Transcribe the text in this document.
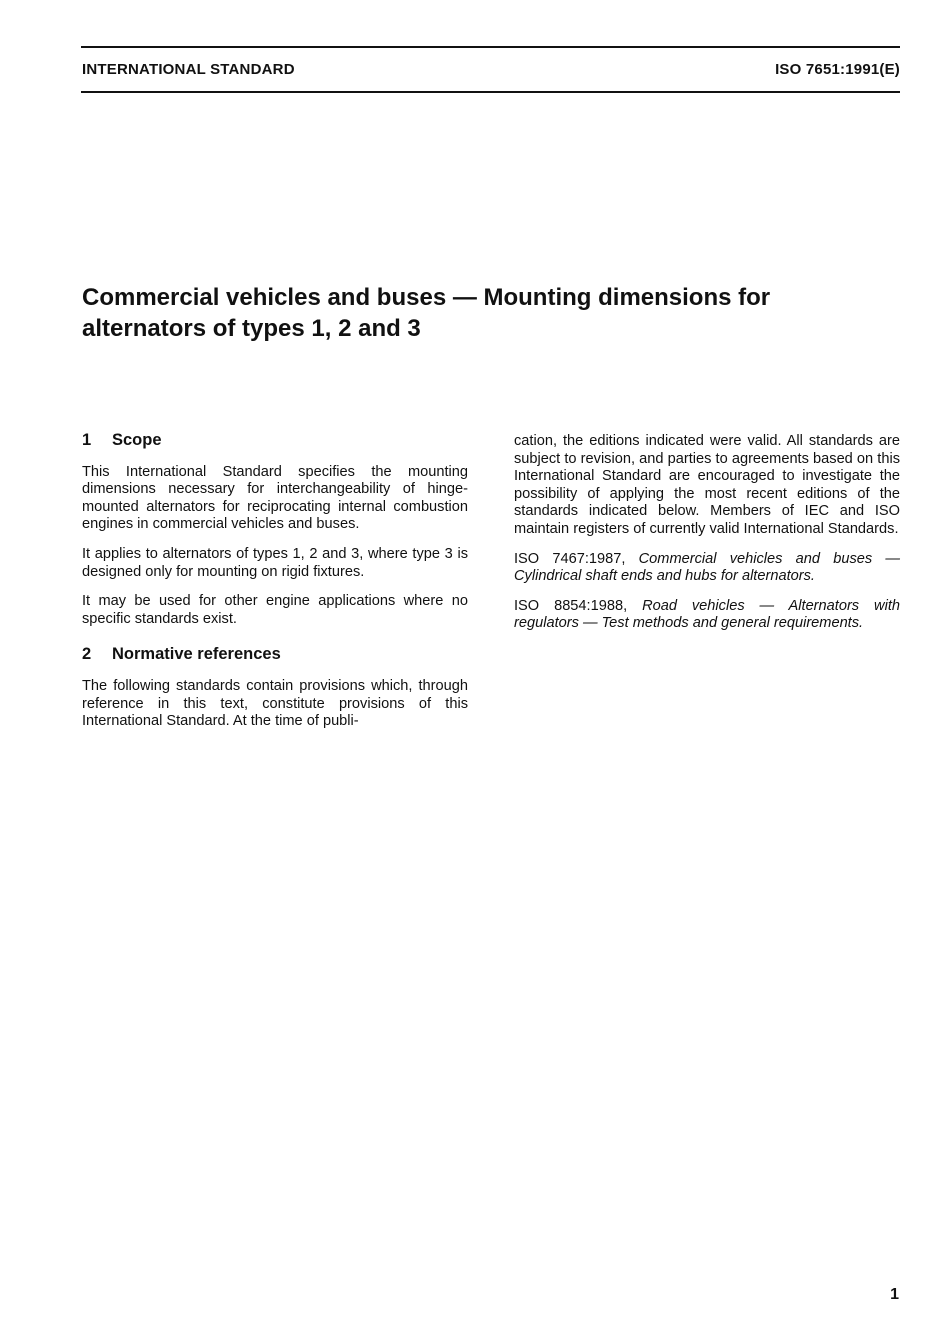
INTERNATIONAL STANDARD	ISO 7651:1991(E)
Commercial vehicles and buses — Mounting dimensions for alternators of types 1, 2 and 3
1	Scope

This International Standard specifies the mounting dimensions necessary for interchangeability of hinge-mounted alternators for reciprocating internal combustion engines in commercial vehicles and buses.

It applies to alternators of types 1, 2 and 3, where type 3 is designed only for mounting on rigid fixtures.

It may be used for other engine applications where no specific standards exist.

2	Normative references

The following standards contain provisions which, through reference in this text, constitute provisions of this International Standard. At the time of publi-

cation, the editions indicated were valid. All standards are subject to revision, and parties to agreements based on this International Standard are encouraged to investigate the possibility of applying the most recent editions of the standards indicated below. Members of IEC and ISO maintain registers of currently valid International Standards.

ISO 7467:1987, Commercial vehicles and buses — Cylindrical shaft ends and hubs for alternators.

ISO 8854:1988, Road vehicles — Alternators with regulators — Test methods and general requirements.

1
